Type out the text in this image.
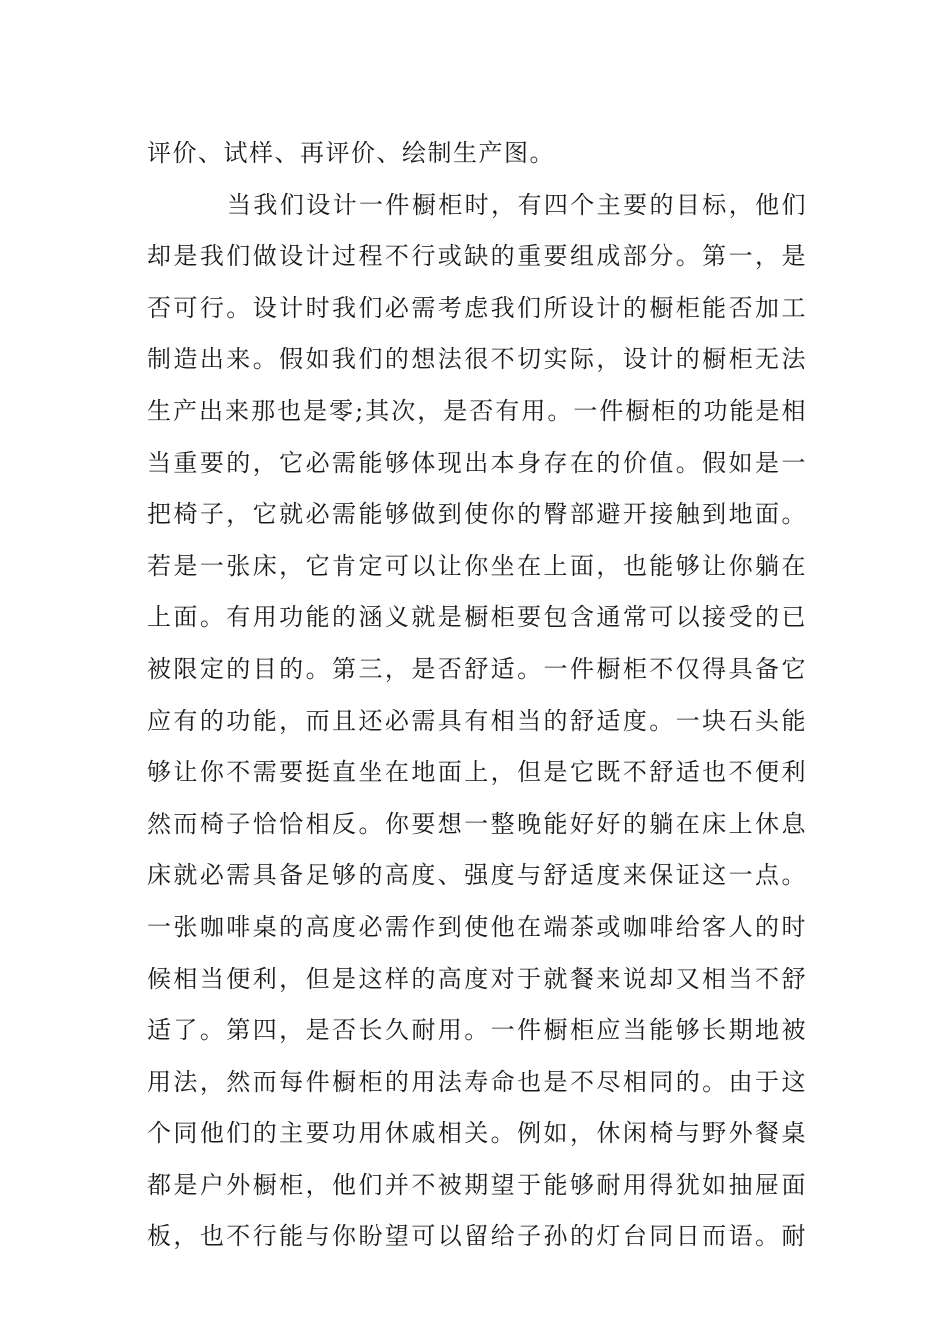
评价、试样、再评价、绘制生产图。
当我们设计一件橱柜时，有四个主要的目标，他们
却是我们做设计过程不行或缺的重要组成部分。第一，是
否可行。设计时我们必需考虑我们所设计的橱柜能否加工
制造出来。假如我们的想法很不切实际，设计的橱柜无法
生产出来那也是零;其次，是否有用。一件橱柜的功能是相
当重要的，它必需能够体现出本身存在的价值。假如是一
把椅子，它就必需能够做到使你的臀部避开接触到地面。
若是一张床，它肯定可以让你坐在上面，也能够让你躺在
上面。有用功能的涵义就是橱柜要包含通常可以接受的已
被限定的目的。第三，是否舒适。一件橱柜不仅得具备它
应有的功能，而且还必需具有相当的舒适度。一块石头能
够让你不需要挺直坐在地面上，但是它既不舒适也不便利
然而椅子恰恰相反。你要想一整晚能好好的躺在床上休息
床就必需具备足够的高度、强度与舒适度来保证这一点。
一张咖啡桌的高度必需作到使他在端茶或咖啡给客人的时
候相当便利，但是这样的高度对于就餐来说却又相当不舒
适了。第四，是否长久耐用。一件橱柜应当能够长期地被
用法，然而每件橱柜的用法寿命也是不尽相同的。由于这
个同他们的主要功用休戚相关。例如，休闲椅与野外餐桌
都是户外橱柜，他们并不被期望于能够耐用得犹如抽屉面
板，也不行能与你盼望可以留给子孙的灯台同日而语。耐
